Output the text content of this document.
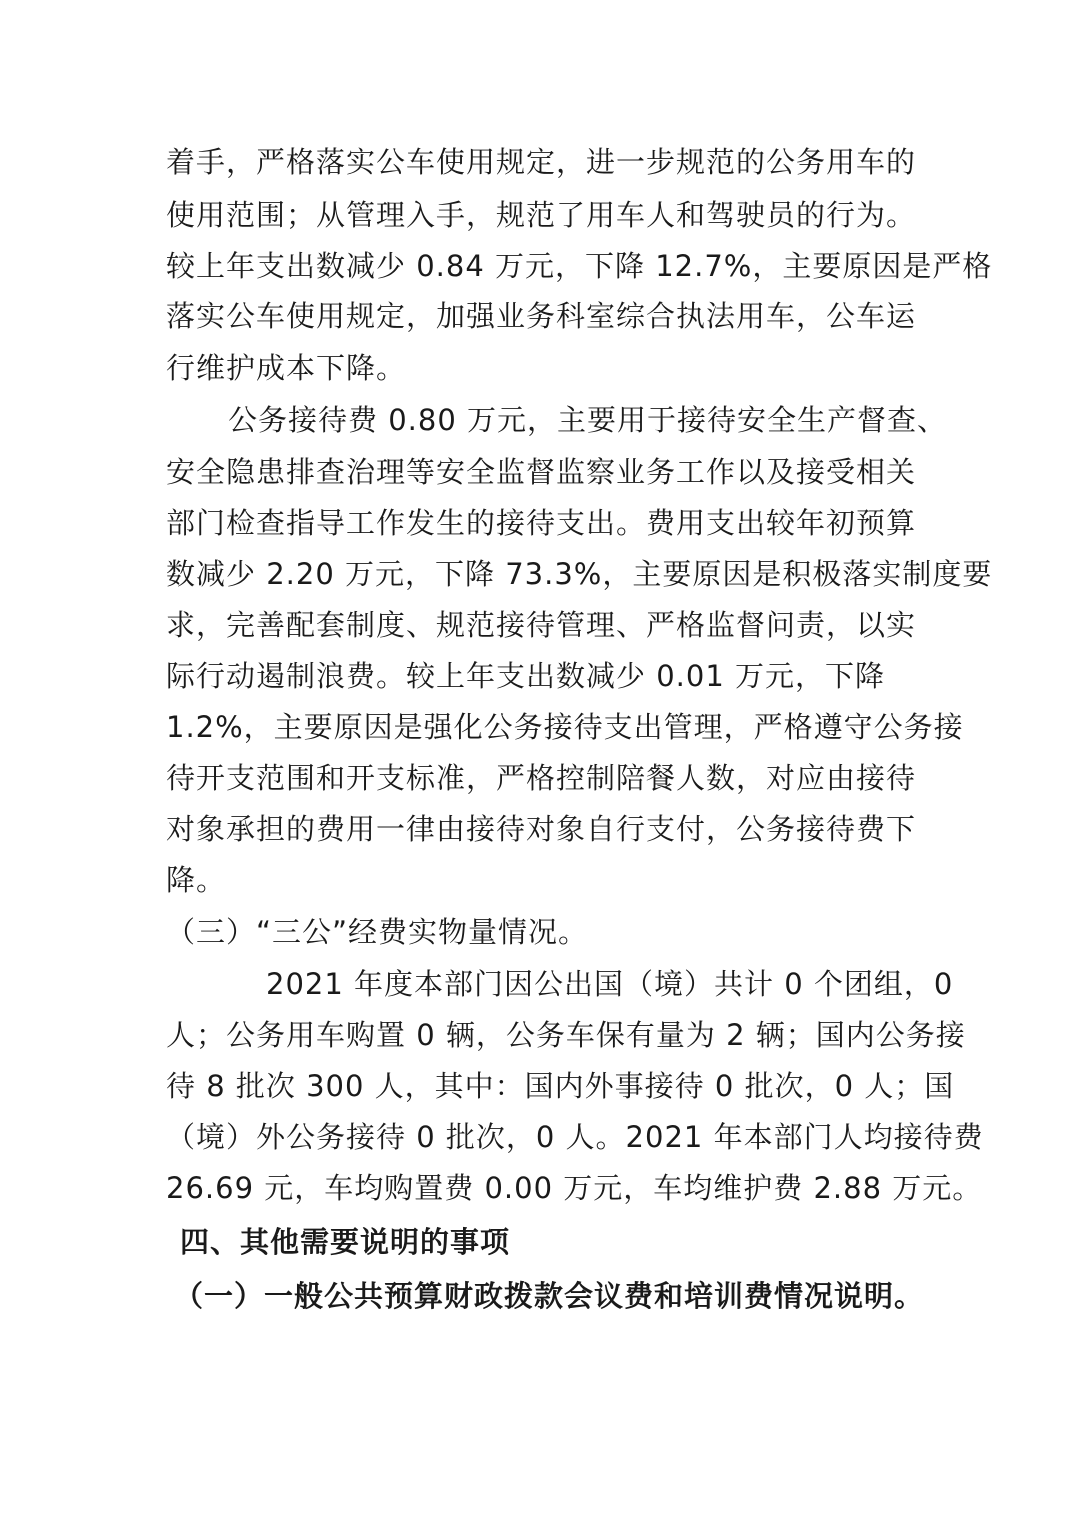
着手，严格落实公车使用规定，进一步规范的公务用车的
使用范围；从管理入手，规范了用车人和驾驶员的行为。
较上年支出数减少 0.84 万元，下降 12.7%，主要原因是严格
落实公车使用规定，加强业务科室综合执法用车，公车运
行维护成本下降。
公务接待费 0.80 万元，主要用于接待安全生产督查、
安全隐患排查治理等安全监督监察业务工作以及接受相关
部门检查指导工作发生的接待支出。费用支出较年初预算
数减少 2.20 万元，下降 73.3%，主要原因是积极落实制度要
求，完善配套制度、规范接待管理、严格监督问责，以实
际行动遏制浪费。较上年支出数减少 0.01 万元，下降
1.2%，主要原因是强化公务接待支出管理，严格遵守公务接
待开支范围和开支标准，严格控制陪餐人数，对应由接待
对象承担的费用一律由接待对象自行支付，公务接待费下
降。
（三）“三公”经费实物量情况。
2021 年度本部门因公出国（境）共计 0 个团组，0
人；公务用车购置 0 辆，公务车保有量为 2 辆；国内公务接
待 8 批次 300 人，其中：国内外事接待 0 批次，0 人；国
（境）外公务接待 0 批次，0 人。2021 年本部门人均接待费
26.69 元，车均购置费 0.00 万元，车均维护费 2.88 万元。
四、其他需要说明的事项
（一）一般公共预算财政拨款会议费和培训费情况说明。
